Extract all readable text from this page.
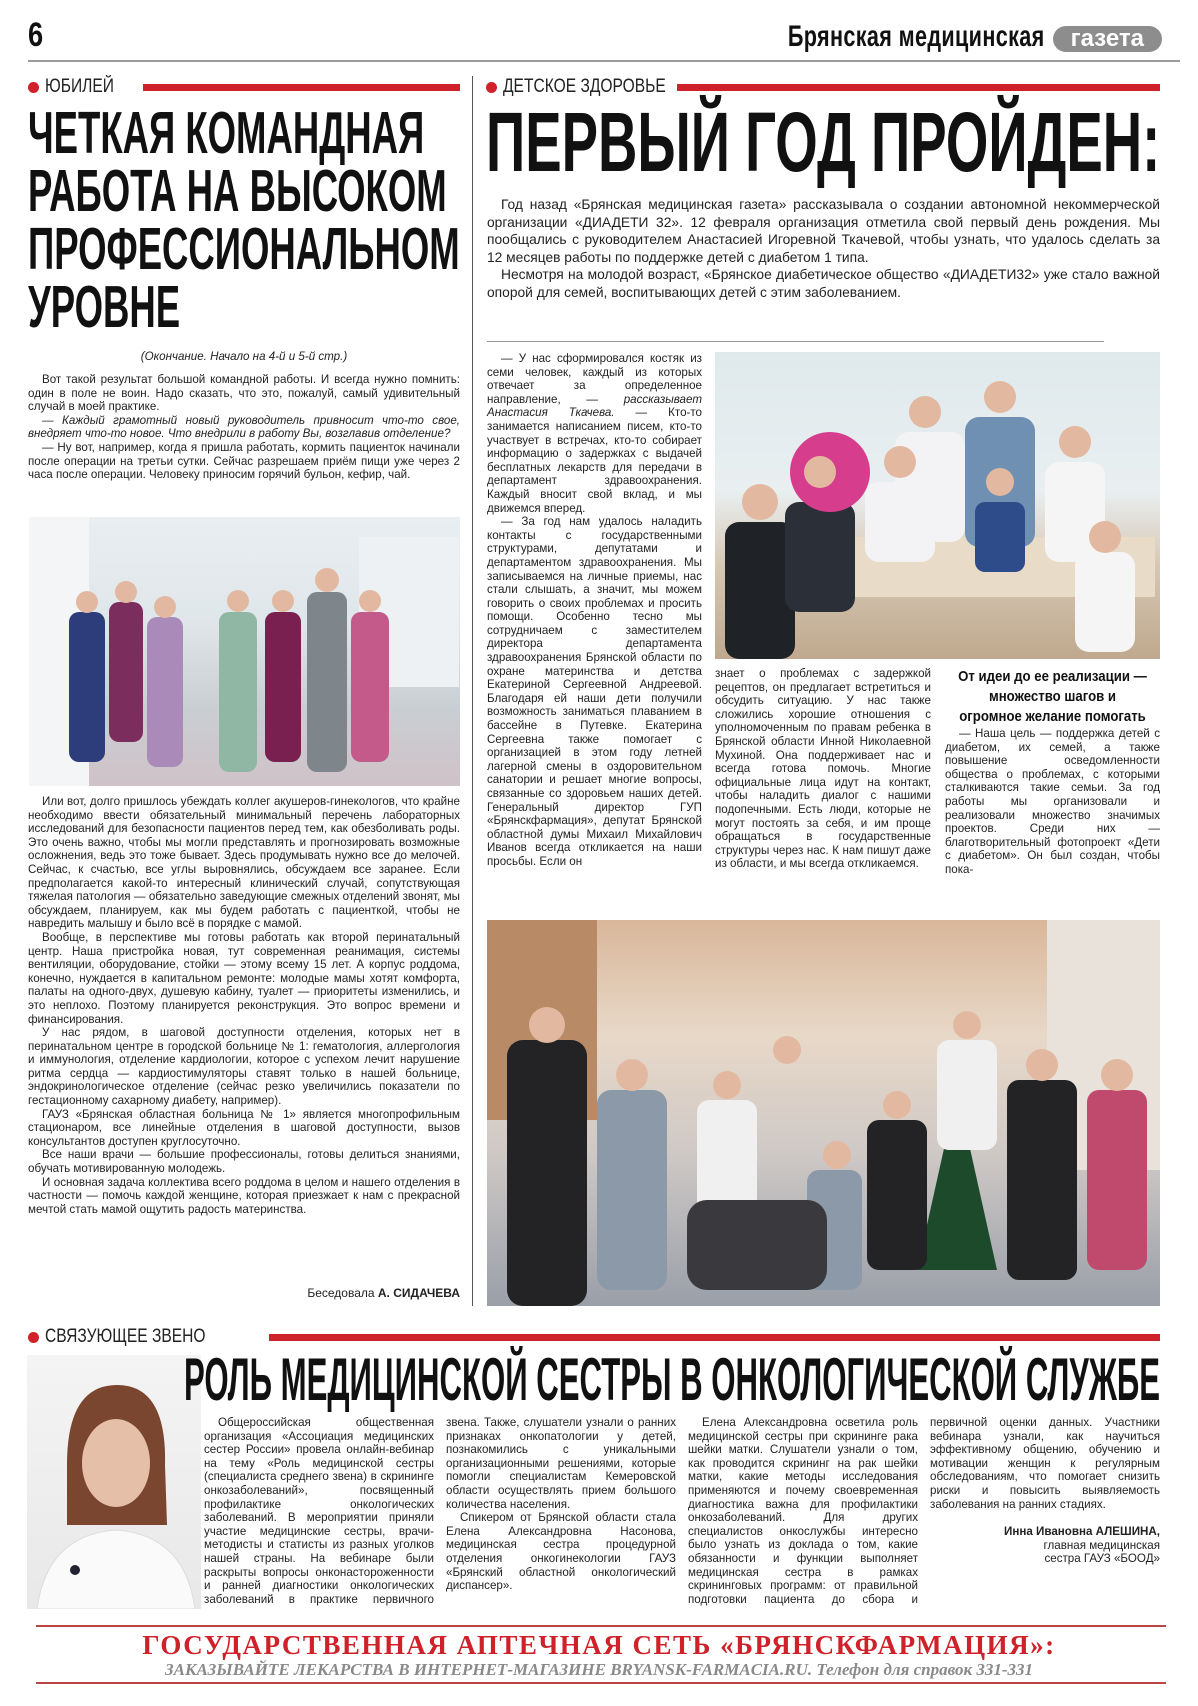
6	Брянская медицинская	газета
ЮБИЛЕЙ
ЧЕТКАЯ КОМАНДНАЯ
РАБОТА НА ВЫСОКОМ
ПРОФЕССИОНАЛЬНОМ
УРОВНЕ
(Окончание. Начало на 4-й и 5-й стр.)

Вот такой результат большой командной работы. И всегда нужно помнить: один в поле не воин. Надо сказать, что это, пожалуй, самый удивительный случай в моей практике.

— Каждый грамотный новый руководитель привносит что-то свое, внедряет что-то новое. Что внедрили в работу Вы, возглавив отделение?

— Ну вот, например, когда я пришла работать, кормить пациенток начинали после операции на третьи сутки. Сейчас разрешаем приём пищи уже через 2 часа после операции. Человеку приносим горячий бульон, кефир, чай.

Или вот, долго пришлось убеждать коллег акушеров-гинекологов, что крайне необходимо ввести обязательный минимальный перечень лабораторных исследований для безопасности пациентов перед тем, как обезболивать роды. Это очень важно, чтобы мы могли представлять и прогнозировать возможные осложнения, ведь это тоже бывает. Здесь продумывать нужно все до мелочей. Сейчас, к счастью, все углы выровнялись, обсуждаем все заранее. Если предполагается какой-то интересный клинический случай, сопутствующая тяжелая патология — обязательно заведующие смежных отделений звонят, мы обсуждаем, планируем, как мы будем работать с пациенткой, чтобы не навредить малышу и было всё в порядке с мамой.

Вообще, в перспективе мы готовы работать как второй перинатальный центр. Наша пристройка новая, тут современная реанимация, системы вентиляции, оборудование, стойки — этому всему 15 лет. А корпус роддома, конечно, нуждается в капитальном ремонте: молодые мамы хотят комфорта, палаты на одного-двух, душевую кабину, туалет — приоритеты изменились, и это неплохо. Поэтому планируется реконструкция. Это вопрос времени и финансирования.

У нас рядом, в шаговой доступности отделения, которых нет в перинатальном центре в городской больнице № 1: гематология, аллергология и иммунология, отделение кардиологии, которое с успехом лечит нарушение ритма сердца — кардиостимуляторы ставят только в нашей больнице, эндокринологическое отделение (сейчас резко увеличились показатели по гестационному сахарному диабету, например).

ГАУЗ «Брянская областная больница № 1» является многопрофильным стационаром, все линейные отделения в шаговой доступности, вызов консультантов доступен круглосуточно.

Все наши врачи — большие профессионалы, готовы делиться знаниями, обучать мотивированную молодежь.

И основная задача коллектива всего роддома в целом и нашего отделения в частности — помочь каждой женщине, которая приезжает к нам с прекрасной мечтой стать мамой ощутить радость материнства.

Беседовала А. СИДАЧЕВА
ДЕТСКОЕ ЗДОРОВЬЕ
ПЕРВЫЙ ГОД ПРОЙДЕН:

Год назад «Брянская медицинская газета» рассказывала о создании автономной некоммерческой организации «ДИАДЕТИ 32». 12 февраля организация отметила свой первый день рождения. Мы пообщались с руководителем Анастасией Игоревной Ткачевой, чтобы узнать, что удалось сделать за 12 месяцев работы по поддержке детей с диабетом 1 типа.

Несмотря на молодой возраст, «Брянское диабетическое общество «ДИАДЕТИ32» уже стало важной опорой для семей, воспитывающих детей с этим заболеванием.

— У нас сформировался костяк из семи человек, каждый из которых отвечает за определенное направление, — рассказывает Анастасия Ткачева. — Кто-то занимается написанием писем, кто-то участвует в встречах, кто-то собирает информацию о задержках с выдачей бесплатных лекарств для передачи в департамент здравоохранения. Каждый вносит свой вклад, и мы движемся вперед.

— За год нам удалось наладить контакты с государственными структурами, депутатами и департаментом здравоохранения. Мы записываемся на личные приемы, нас стали слышать, а значит, мы можем говорить о своих проблемах и просить помощи. Особенно тесно мы сотрудничаем с заместителем директора департамента здравоохранения Брянской области по охране материнства и детства Екатериной Сергеевной Андреевой. Благодаря ей наши дети получили возможность заниматься плаванием в бассейне в Путевке. Екатерина Сергеевна также помогает с организацией в этом году летней лагерной смены в оздоровительном санатории и решает многие вопросы, связанные со здоровьем наших детей. Генеральный директор ГУП «Брянскфармация», депутат Брянской областной думы Михаил Михайлович Иванов всегда откликается на наши просьбы. Если он

знает о проблемах с задержкой рецептов, он предлагает встретиться и обсудить ситуацию. У нас также сложились хорошие отношения с уполномоченным по правам ребенка в Брянской области Инной Николаевной Мухиной. Она поддерживает нас и всегда готова помочь. Многие официальные лица идут на контакт, чтобы наладить диалог с нашими подопечными. Есть люди, которые не могут постоять за себя, и им проще обращаться в государственные структуры через нас. К нам пишут даже из области, и мы всегда откликаемся.

От идеи до ее реализации — множество шагов и огромное желание помогать

— Наша цель — поддержка детей с диабетом, их семей, а также повышение осведомленности общества о проблемах, с которыми сталкиваются такие семьи. За год работы мы организовали и реализовали множество значимых проектов. Среди них — благотворительный фотопроект «Дети с диабетом». Он был создан, чтобы пока-

СВЯЗУЮЩЕЕ ЗВЕНО
РОЛЬ МЕДИЦИНСКОЙ СЕСТРЫ В ОНКОЛОГИЧЕСКОЙ СЛУЖБЕ

Общероссийская общественная организация «Ассоциация медицинских сестер России» провела онлайн-вебинар на тему «Роль медицинской сестры (специалиста среднего звена) в скрининге онкозаболеваний», посвященный профилактике онкологических заболеваний. В мероприятии приняли участие медицинские сестры, врачи-методисты и статисты из разных уголков нашей страны. На вебинаре были раскрыты вопросы онконастороженности и ранней диагностики онкологических заболеваний в практике первичного звена. Также, слушатели узнали о ранних признаках онкопатологии у детей, познакомились с уникальными организационными решениями, которые помогли специалистам Кемеровской области осуществлять прием большого количества населения.

Спикером от Брянской области стала Елена Александровна Насонова, медицинская сестра процедурной отделения онкогинекологии ГАУЗ «Брянский областной онкологический диспансер».

Елена Александровна осветила роль медицинской сестры при скрининге рака шейки матки. Слушатели узнали о том, как проводится скрининг на рак шейки матки, какие методы исследования применяются и почему своевременная диагностика важна для профилактики онкозаболеваний. Для других специалистов онкослужбы интересно было узнать из доклада о том, какие обязанности и функции выполняет медицинская сестра в рамках скрининговых программ: от правильной подготовки пациента до сбора и первичной оценки данных. Участники вебинара узнали, как научиться эффективному общению, обучению и мотивации женщин к регулярным обследованиям, что помогает снизить риски и повысить выявляемость заболевания на ранних стадиях.

Инна Ивановна АЛЕШИНА,
главная медицинская
сестра ГАУЗ «БООД»
ГОСУДАРСТВЕННАЯ АПТЕЧНАЯ СЕТЬ «БРЯНСКФАРМАЦИЯ»:
ЗАКАЗЫВАЙТЕ ЛЕКАРСТВА В ИНТЕРНЕТ-МАГАЗИНЕ BRYANSK-FARMACIA.RU. Телефон для справок 331-331
